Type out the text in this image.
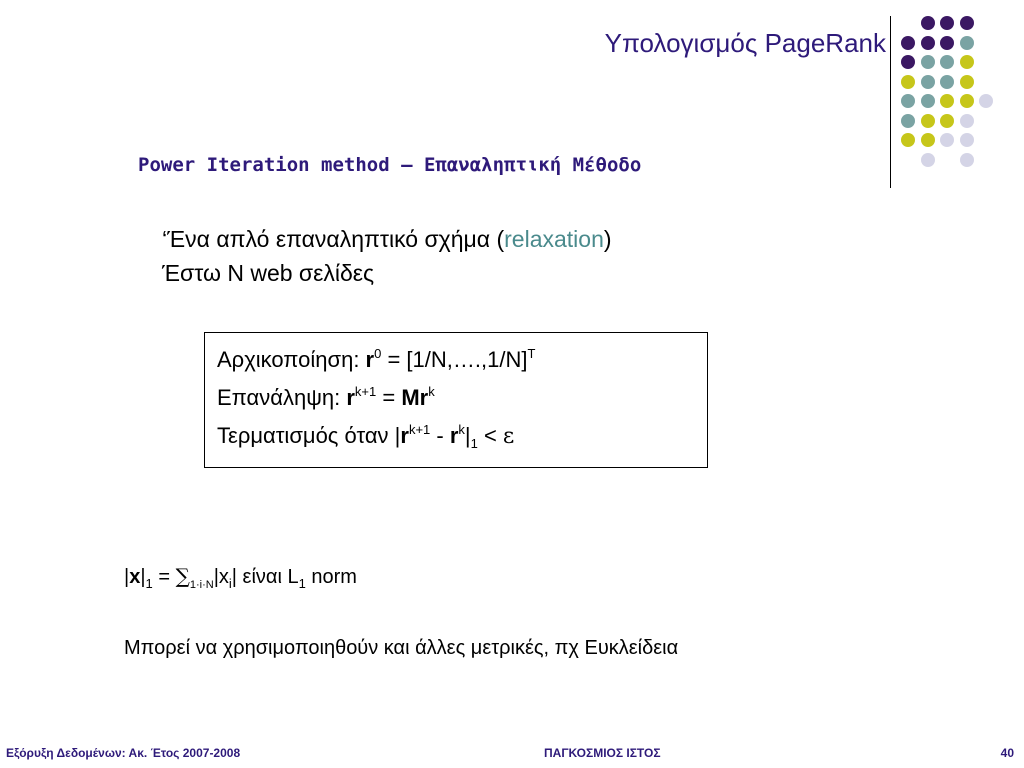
Υπολογισμός PageRank
Power Iteration method – Επαναληπτική Μέθοδο
‘Ένα απλό επαναληπτικό σχήμα (relaxation)
Έστω Ν web σελίδες
Αρχικοποίηση: $r^0$ = [1/N,….,1/N]$^T$
Επανάληψη: $r^{k+1} = Mr^k$
Τερματισμός όταν $|r^{k+1} - r^k|_1 < \varepsilon$
$|x|_1 = \sum_{1\cdot i\cdot N}|x_i|$ είναι $L_1$ norm
Μπορεί να χρησιμοποιηθούν και άλλες μετρικές, πχ Ευκλείδεια
Εξόρυξη Δεδομένων: Ακ. Έτος 2007-2008	ΠΑΓΚΟΣΜΙΟΣ ΙΣΤΟΣ	40
